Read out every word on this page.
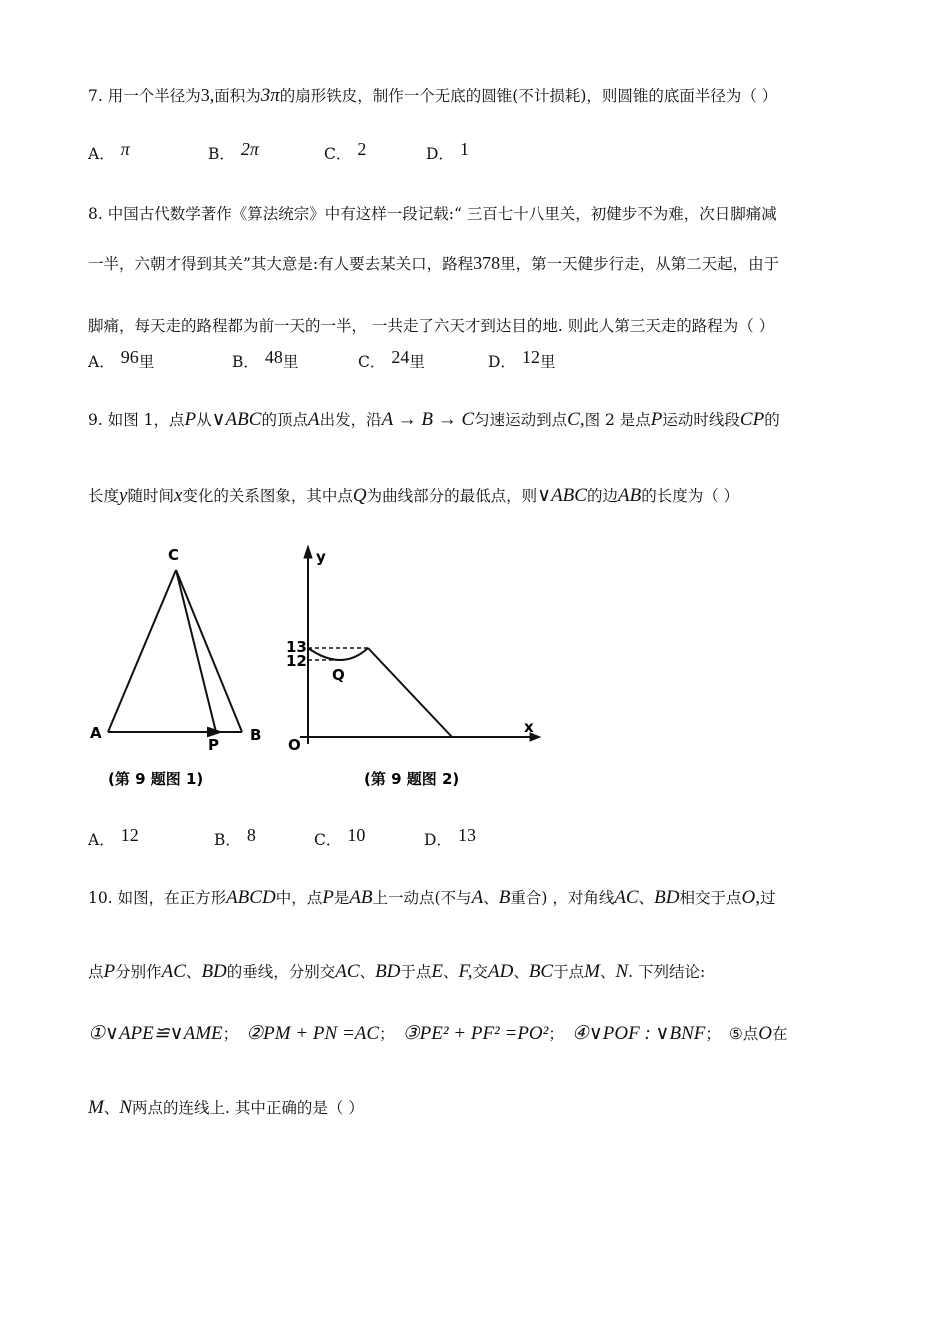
7. 用一个半径为3,面积为3π的扇形铁皮，制作一个无底的圆锥(不计损耗)，则圆锥的底面半径为（ ）
A． π	B． 2π	C． 2	D． 1
8. 中国古代数学著作《算法统宗》中有这样一段记载:“ 三百七十八里关，初健步不为难，次日脚痛减
一半，六朝才得到其关”其大意是:有人要去某关口，路程378里，第一天健步行走，从第二天起，由于
脚痛，每天走的路程都为前一天的一半， 一共走了六天才到达目的地. 则此人第三天走的路程为（ ）
A． 96里	B． 48里	C． 24里	D． 12里
9. 如图 1，点P从∨ABC的顶点A出发，沿A → B → C匀速运动到点C,图 2 是点P运动时线段CP的
长度y随时间x变化的关系图象，其中点Q为曲线部分的最低点，则∨ABC的边AB的长度为（ ）
C
A	B
P
(第 9 题图 1)
y
x
O
Q
13
12
(第 9 题图 2)
A． 12	B． 8	C． 10	D． 13
10. 如图，在正方形ABCD中，点P是AB上一动点(不与A、B重合) ，对角线AC、BD相交于点O,过
点P分别作AC、BD的垂线，分别交AC、BD于点E、F,交AD、BC于点M、N. 下列结论:
①∨APE≌∨AME； ②PM + PN =AC； ③PE² + PF² =PO²； ④∨POF : ∨BNF； ⑤点O在
M、N两点的连线上. 其中正确的是（ ）
